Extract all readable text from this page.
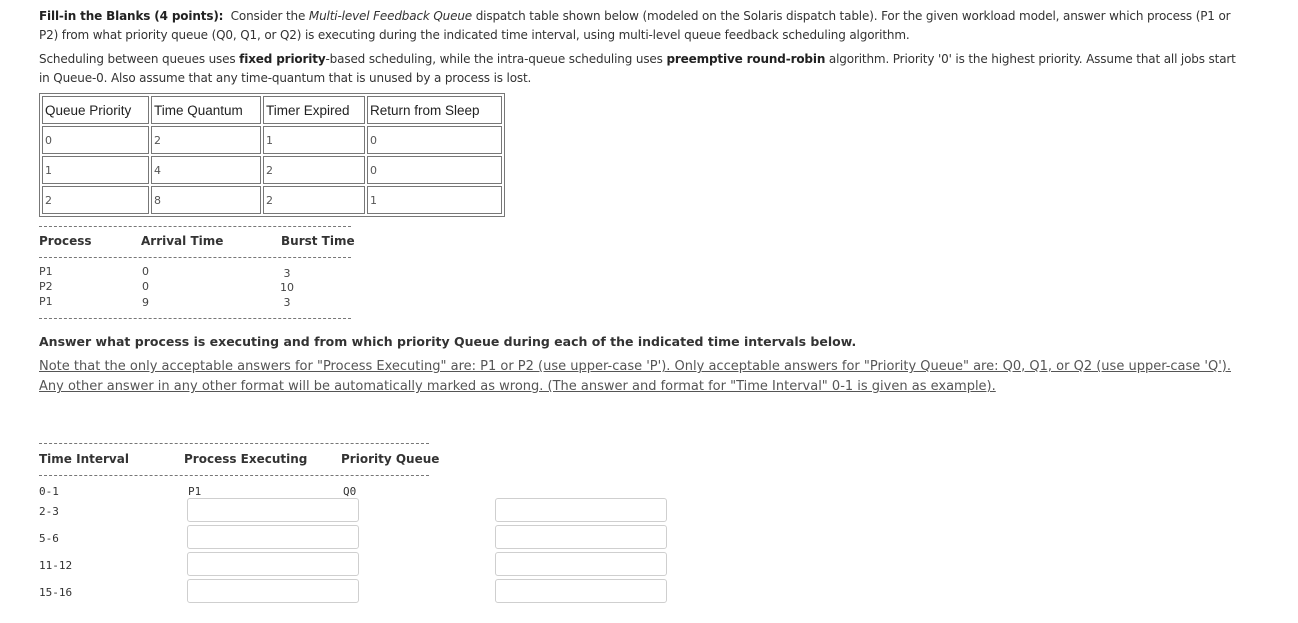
Fill-in the Blanks (4 points): Consider the Multi-level Feedback Queue dispatch table shown below (modeled on the Solaris dispatch table). For the given workload model, answer which process (P1 or P2) from what priority queue (Q0, Q1, or Q2) is executing during the indicated time interval, using multi-level queue feedback scheduling algorithm.
Scheduling between queues uses fixed priority-based scheduling, while the intra-queue scheduling uses preemptive round-robin algorithm. Priority '0' is the highest priority. Assume that all jobs start in Queue-0. Also assume that any time-quantum that is unused by a process is lost.
Queue Priority	Time Quantum	Timer Expired	Return from Sleep
0	2	1	0
1	4	2	0
2	8	2	1
Process	Arrival Time	Burst Time
P1	0	3
P2	0	10
P1	9	3
Answer what process is executing and from which priority Queue during each of the indicated time intervals below.
Note that the only acceptable answers for "Process Executing" are: P1 or P2 (use upper-case 'P'). Only acceptable answers for "Priority Queue" are: Q0, Q1, or Q2 (use upper-case 'Q'). Any other answer in any other format will be automatically marked as wrong. (The answer and format for "Time Interval" 0-1 is given as example).
Time Interval	Process Executing	Priority Queue
0-1	P1	Q0
2-3
5-6
11-12
15-16
